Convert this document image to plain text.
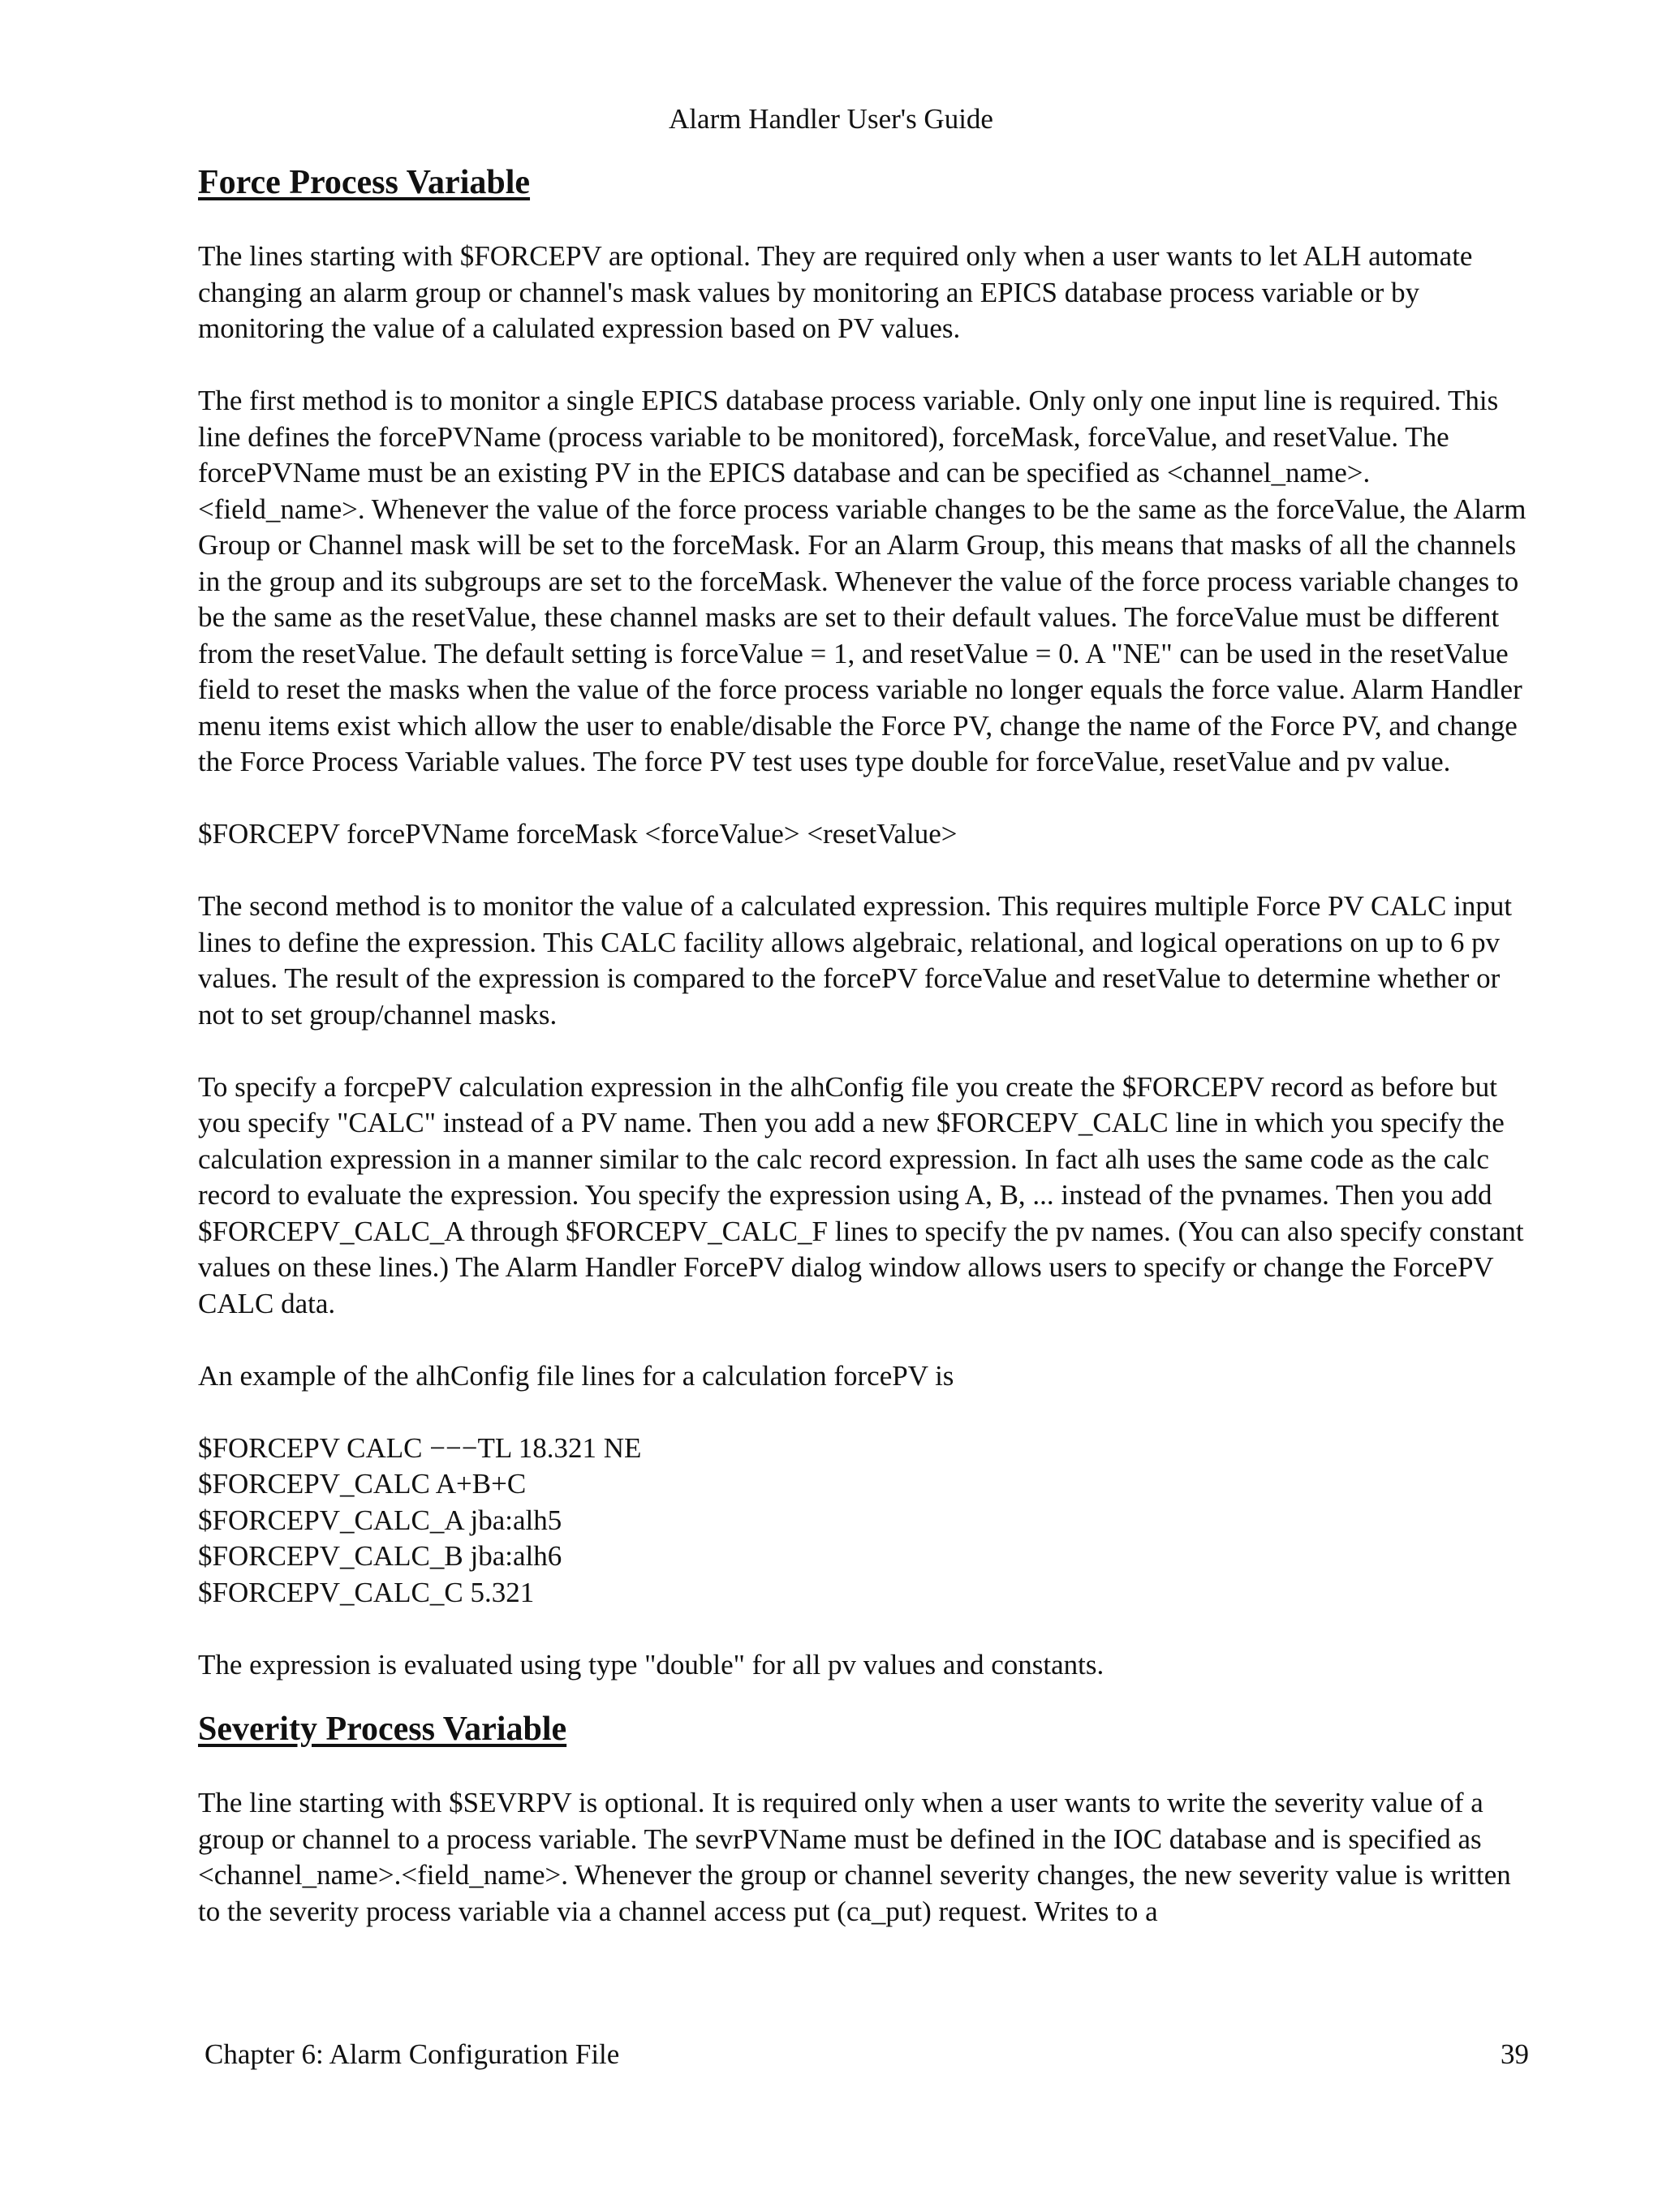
Alarm Handler User's Guide
Force Process Variable

The lines starting with $FORCEPV are optional. They are required only when a user wants to let ALH automate changing an alarm group or channel's mask values by monitoring an EPICS database process variable or by monitoring the value of a calulated expression based on PV values.

The first method is to monitor a single EPICS database process variable. Only only one input line is required. This line defines the forcePVName (process variable to be monitored), forceMask, forceValue, and resetValue. The forcePVName must be an existing PV in the EPICS database and can be specified as <channel_name>.<field_name>. Whenever the value of the force process variable changes to be the same as the forceValue, the Alarm Group or Channel mask will be set to the forceMask. For an Alarm Group, this means that masks of all the channels in the group and its subgroups are set to the forceMask. Whenever the value of the force process variable changes to be the same as the resetValue, these channel masks are set to their default values. The forceValue must be different from the resetValue. The default setting is forceValue = 1, and resetValue = 0. A "NE" can be used in the resetValue field to reset the masks when the value of the force process variable no longer equals the force value. Alarm Handler menu items exist which allow the user to enable/disable the Force PV, change the name of the Force PV, and change the Force Process Variable values. The force PV test uses type double for forceValue, resetValue and pv value.

$FORCEPV forcePVName forceMask <forceValue> <resetValue>

The second method is to monitor the value of a calculated expression. This requires multiple Force PV CALC input lines to define the expression. This CALC facility allows algebraic, relational, and logical operations on up to 6 pv values. The result of the expression is compared to the forcePV forceValue and resetValue to determine whether or not to set group/channel masks.

To specify a forcpePV calculation expression in the alhConfig file you create the $FORCEPV record as before but you specify "CALC" instead of a PV name. Then you add a new $FORCEPV_CALC line in which you specify the calculation expression in a manner similar to the calc record expression. In fact alh uses the same code as the calc record to evaluate the expression. You specify the expression using A, B, ... instead of the pvnames. Then you add $FORCEPV_CALC_A through $FORCEPV_CALC_F lines to specify the pv names. (You can also specify constant values on these lines.) The Alarm Handler ForcePV dialog window allows users to specify or change the ForcePV CALC data.

An example of the alhConfig file lines for a calculation forcePV is

$FORCEPV CALC −−−TL 18.321 NE
$FORCEPV_CALC A+B+C
$FORCEPV_CALC_A jba:alh5
$FORCEPV_CALC_B jba:alh6
$FORCEPV_CALC_C 5.321

The expression is evaluated using type "double" for all pv values and constants.

Severity Process Variable

The line starting with $SEVRPV is optional. It is required only when a user wants to write the severity value of a group or channel to a process variable. The sevrPVName must be defined in the IOC database and is specified as <channel_name>.<field_name>. Whenever the group or channel severity changes, the new severity value is written to the severity process variable via a channel access put (ca_put) request. Writes to a

Chapter 6: Alarm Configuration File	39
